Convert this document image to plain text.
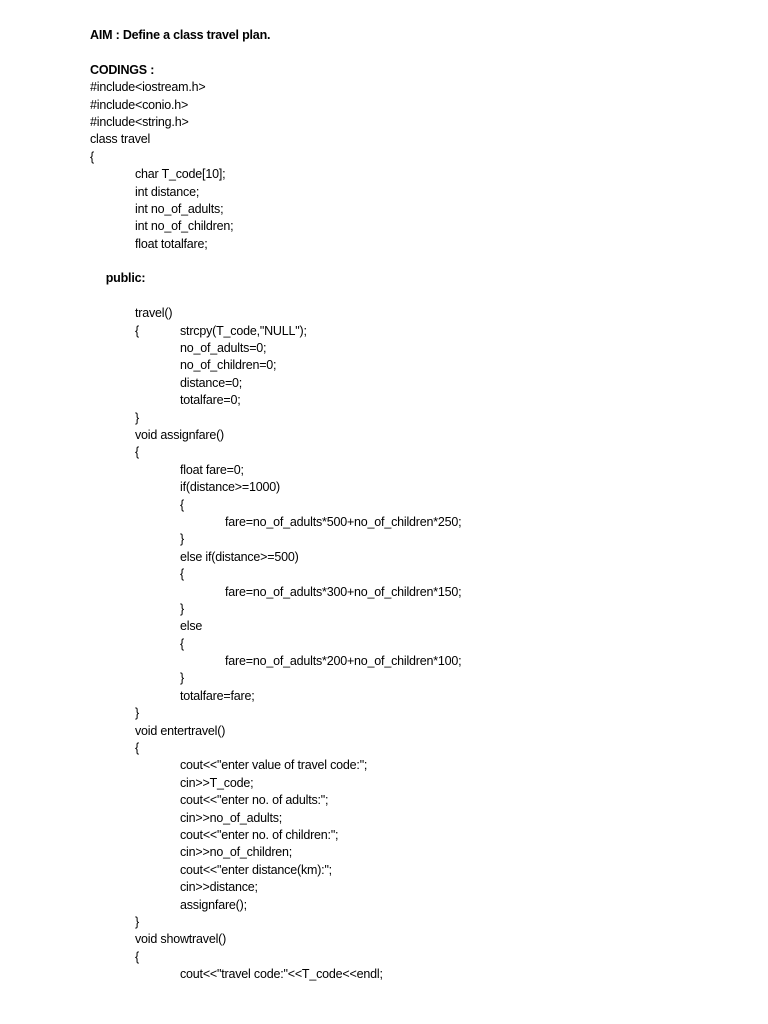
AIM : Define a class travel plan.
CODINGS :
#include<iostream.h>
#include<conio.h>
#include<string.h>
class travel
{
char T_code[10];
int distance;
int no_of_adults;
int no_of_children;
float totalfare;
public:
travel()
{	strcpy(T_code,"NULL");
no_of_adults=0;
no_of_children=0;
distance=0;
totalfare=0;
}
void assignfare()
{
float fare=0;
if(distance>=1000)
{
fare=no_of_adults*500+no_of_children*250;
}
else if(distance>=500)
{
fare=no_of_adults*300+no_of_children*150;
}
else
{
fare=no_of_adults*200+no_of_children*100;
}
totalfare=fare;
}
void entertravel()
{
cout<<"enter value of travel code:";
cin>>T_code;
cout<<"enter no. of adults:";
cin>>no_of_adults;
cout<<"enter no. of children:";
cin>>no_of_children;
cout<<"enter distance(km):";
cin>>distance;
assignfare();
}
void showtravel()
{
cout<<"travel code:"<<T_code<<endl;
